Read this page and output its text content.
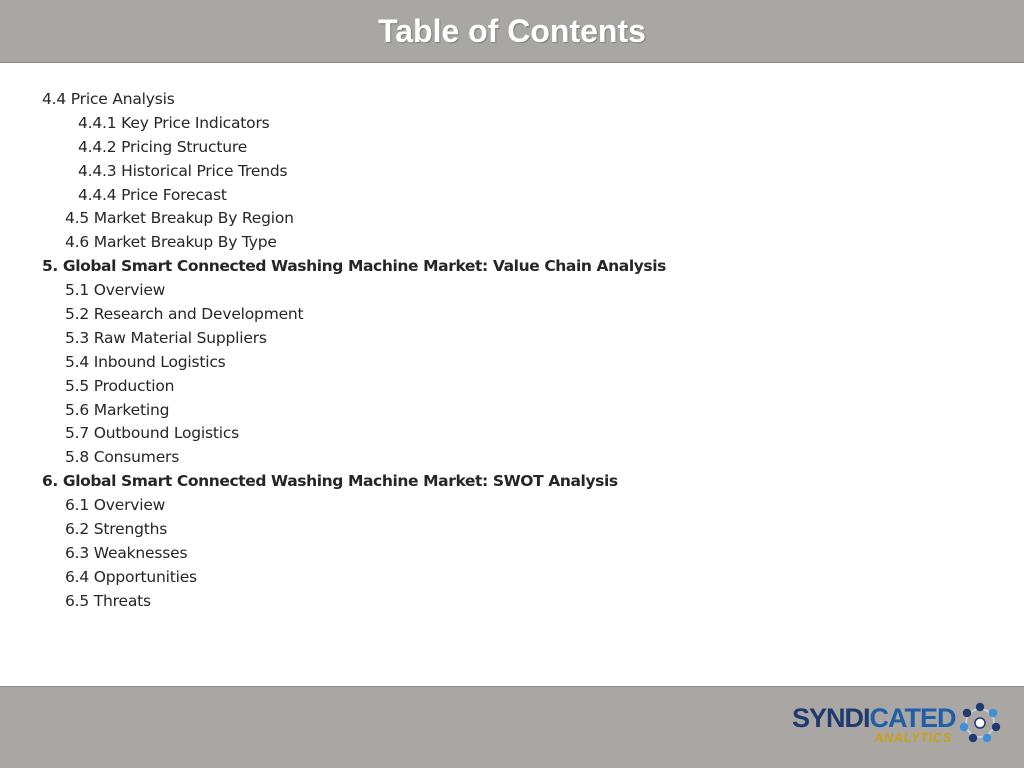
Table of Contents
4.4 Price Analysis
4.4.1 Key Price Indicators
4.4.2 Pricing Structure
4.4.3 Historical Price Trends
4.4.4 Price Forecast
4.5 Market Breakup By Region
4.6 Market Breakup By Type
5. Global Smart Connected Washing Machine Market: Value Chain Analysis
5.1 Overview
5.2 Research and Development
5.3 Raw Material Suppliers
5.4 Inbound Logistics
5.5 Production
5.6 Marketing
5.7 Outbound Logistics
5.8 Consumers
6. Global Smart Connected Washing Machine Market: SWOT Analysis
6.1 Overview
6.2 Strengths
6.3 Weaknesses
6.4 Opportunities
6.5 Threats
SYNDICATED
ANALYTICS
